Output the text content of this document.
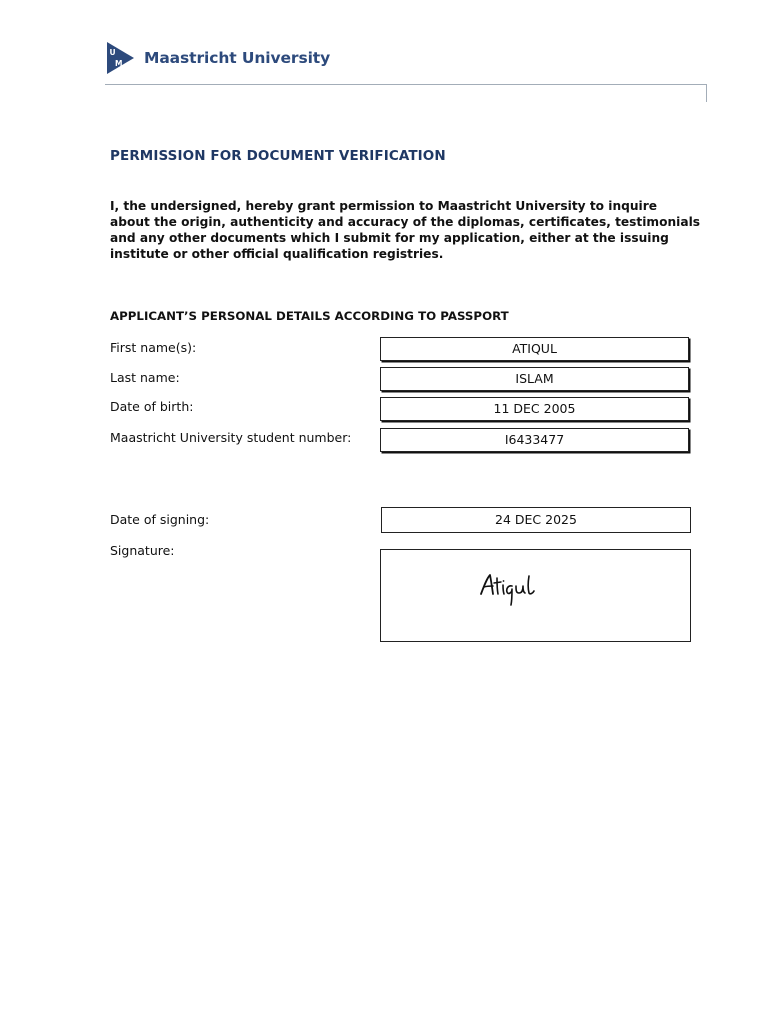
U
M Maastricht University
PERMISSION FOR DOCUMENT VERIFICATION

I, the undersigned, hereby grant permission to Maastricht University to inquire about the origin, authenticity and accuracy of the diplomas, certificates, testimonials and any other documents which I submit for my application, either at the issuing institute or other official qualification registries.

APPLICANT’S PERSONAL DETAILS ACCORDING TO PASSPORT
First name(s):	ATIQUL
Last name:	ISLAM
Date of birth:	11 DEC 2005
Maastricht University student number:	I6433477
Date of signing:	24 DEC 2025
Signature:
